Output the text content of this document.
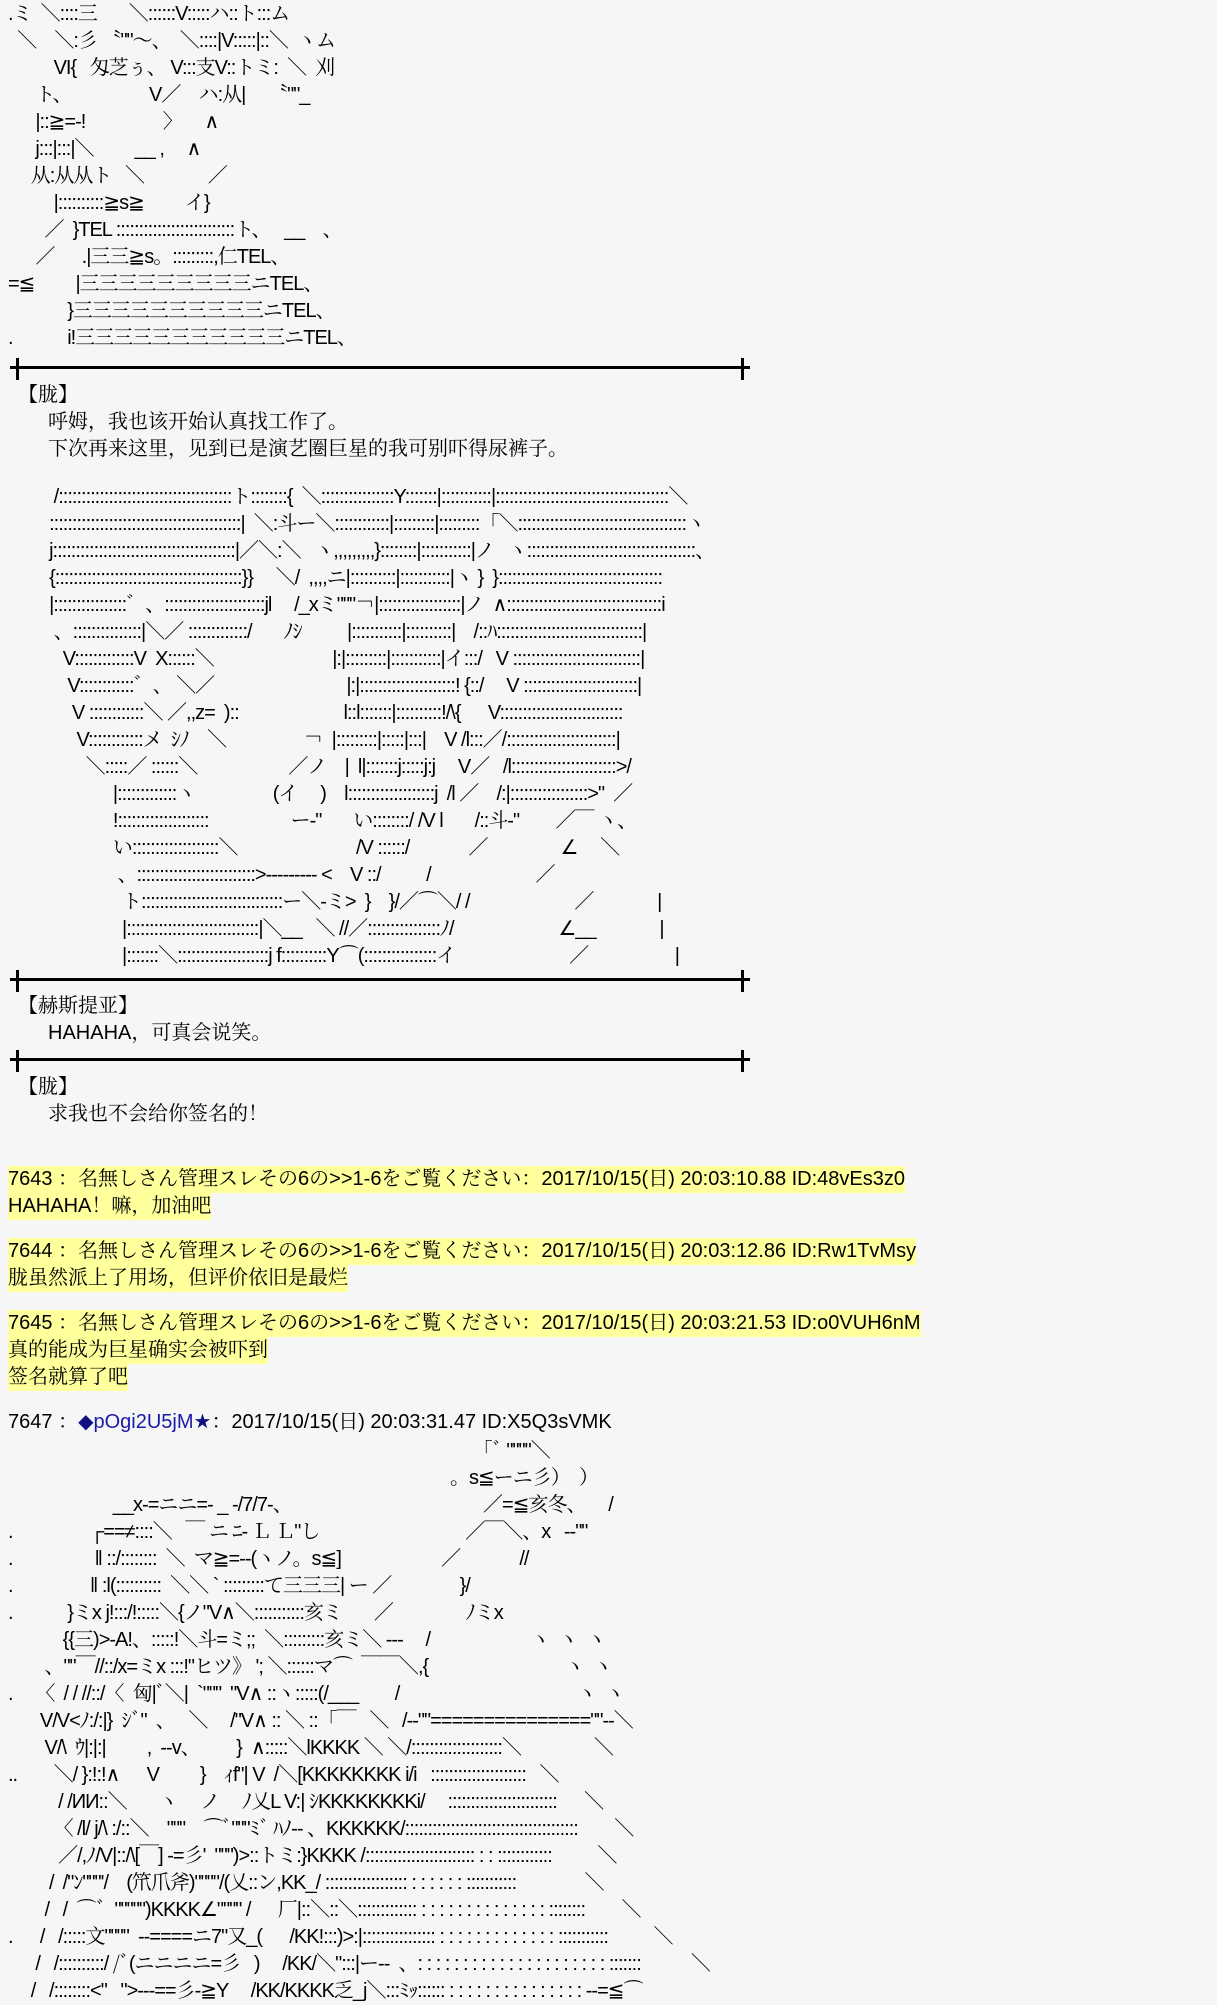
.ミ  ＼::::三       ＼::::::V:::::ハ::ト:::ム
＼    ＼:彡 〝""～、  ＼::::|V:::::|::＼  ヽム
VI{   匁芝ぅ、 V:::支V::トミ:  ＼  刈
ト、                 V／    ハ:从|     〝""_
|::≧=-!                 〉     ∧
j:::|:::|＼         __ ,     ∧
从:从从ト   ＼              ／
|::::::::::≧s≧         イ}
／  }TEL ::::::::::::::::::::::::::ト、   __    、
／      .|三三≧s。:::::::::,仁TEL、
=≦         |三三三三三三三三三ニTEL、
}三三三三三三三三三三ニTEL、
.            i!三三三三三三三三三三三ニTEL、
【胧】
呼姆，我也该开始认真找工作了。
下次再来这里，见到已是演艺圈巨星的我可别吓得尿裤子。
/::::::::::::::::::::::::::::::::::::::ト::::::::{  ＼::::::::::::::::Y:::::::|:::::::::::|::::::::::::::::::::::::::::::::::::::＼
::::::::::::::::::::::::::::::::::::::::::|  ＼:斗ー＼::::::::::::|:::::::::|:::::::::「＼:::::::::::::::::::::::::::::::::::::ヽ
j::::::::::::::::::::::::::::::::::::::::|／＼:＼   ヽ,,,,,,,,,}::::::::|:::::::::::|ノ   ヽ:::::::::::::::::::::::::::::::::::::、
{:::::::::::::::::::::::::::::::::::::::::}}     ＼/  ,,,,ニ|::::::::::|:::::::::::|ヽ }  }::::::::::::::::::::::::::::::::::::
|::::::::::::::::゛、::::::::::::::::::::::jl     /_xミ"""￢|::::::::::::::::::|ノ  ∧::::::::::::::::::::::::::::::::::i
、:::::::::::::::|＼／ :::::::::::::/       ﾉｼ          |:::::::::::|::::::::::|    /::ﾊ::::::::::::::::::::::::::::::::|
V:::::::::::::V  X::::::＼                          |:|:::::::::|:::::::::::|イ:::/   V ::::::::::::::::::::::::::::|
V::::::::::::゛、 ＼／                             |:|:::::::::::::::::::::! {::/     V :::::::::::::::::::::::::|
V ::::::::::::＼ ／,,z=  )::                       l::l:::::::|::::::::::!/\{      V:::::::::::::::::::::::::::
V::::::::::::メ  ｼﾉ    ＼                 ￢  |:::::::::|:::::|:::|    V /l:::／/::::::::::::::::::::::::|
＼:::::／ ::::::＼                    ／ノ    |  l|:::::::j:::::j:j     V／   /l:::::::::::::::::::::::>/
|:::::::::::::ヽ                 (イ     )    l:::::::::::::::::::j  /l ／    /:|:::::::::::::::::>"  ／
!::::::::::::::::::::                  ー-"       い::::::::/ /V l       /::斗-"        ／￣ ヽ、
い:::::::::::::::::::＼                          /V ::::::/             ／                ∠     ＼
、::::::::::::::::::::::::::>--------- <    V ::/          /                       ／
ト:::::::::::::::::::::::::::::::ー＼-ミ>  }    }/／⌒＼/ /                       ／              |
|:::::::::::::::::::::::::::::|＼__   ＼ //／::::::::::::::::ﾉ/                       ∠__              |
|:::::::＼::::::::::::::::::::j f::::::::::Y⌒(::::::::::::::::イ                         ／                   |
【赫斯提亚】
HAHAHA，可真会说笑。
【胧】
求我也不会给你签名的！
7643 ：名無しさん管理スレその6の>>1-6をご覧ください：2017/10/15(日) 20:03:10.88 ID:48vEs3z0
HAHAHA！嘛，加油吧
7644 ：名無しさん管理スレその6の>>1-6をご覧ください：2017/10/15(日) 20:03:12.86 ID:Rw1TvMsy
胧虽然派上了用场，但评价依旧是最烂
7645 ：名無しさん管理スレその6の>>1-6をご覧ください：2017/10/15(日) 20:03:21.53 ID:o0VUH6nM
真的能成为巨星确实会被吓到
签名就算了吧
7647 ：◆pOgi2U5jM★：2017/10/15(日) 20:03:31.47 ID:X5Q3sVMK
「ﾞ """"＼
。s≦ーニ彡）  ）
__x-=ニニ=- _ -/7/7-、                                          ／=≦亥冬、     /
.                 ┌==≠::::＼   ￣ ニ ﾆ- Ｌ Ｌ"し                                ／￣＼、x   -‐""
.                  ‖ ::/::::::::  ＼  マ≧=--(ヽノ。s≦]                      ／             //
.                 ‖ :l(::::::::::  ＼＼ ` :::::::::て三三三| ー ／               }/
.            }ミx j!:::/!:::::＼{ノ"V∧＼:::::::::::亥ミ       ／                ﾉミx
{{三)>-A!、:::::!＼斗=ミ;;  ＼:::::::::亥ミ＼ ---     /                      ヽ  ヽ  ヽ
、""￣//::/x=ミx :::!"ヒツ》 '; ＼::::::マ⌒  ￣￣＼,{                              ヽ  ヽ
.     〈  / / //::/〈  匈|ﾞ＼|  `"""  "V∧ ::ヽ:::::(/___        /                                       ヽ  ヽ
V/V<ﾉ:/:|}  ｼﾞ"  、   ＼     /"V∧ :: ＼ ::「￣   ＼   /-‐""===============""‐-＼
V/\  ｳ|:|:|         ,  --v、        }  ∧:::::＼lKKKK ＼ ＼/::::::::::::::::::::＼                ＼
..        ＼/ }:!:!∧      V         }    ｨf"| V  /＼[KKKKKKKK i/i   :::::::::::::::::::::   ＼
/ /ИИ::＼       ヽ     ノ     ﾉ乂L V:| ｼKKKKKKKKi/     ::::::::::::::::::::::::      ＼
〈 /l/ j/\ :/::＼    """    ⌒ﾞ"""ﾐﾞ ﾊﾉ-- 、KKKKKK/::::::::::::::::::::::::::::::::::::::        ＼
／/,ﾉ/V|::/\[￣] -=彡'  """)>::トミ:}KKKK /:::::::::::::::::::::::: : : ::::::::::::          ＼
/  /"ﾝ"""'/    (笊爪斧)""""/(乂::ン,KK_/ :::::::::::::::::: : : : : : : :::::::::::               ＼
/   /  ⌒ﾞ  """"")KKKK∠"""" /      厂|::＼::＼::::::::::::: : : : : : : : : : : : : : : ::::::::        ＼
.      /   /:::::文""""  --====ニ7"又_(      /KK!:::)>:|:::::::::::::::: : : : : : : : : : : : : : :::::::::::          ＼
/   /::::::::::/ /ﾞ(ニニニニ=彡   )     /KK/＼":::|ー--  、: : : : : : : : : : : : : : : : : : : : : :::::::           ＼
/   /::::::::<"   ">---==彡-≧Y     /KK/KKKK乏_j＼:::ﾐｯ:::::: : : : : : : : : : : : : : : : --=≦⌒
